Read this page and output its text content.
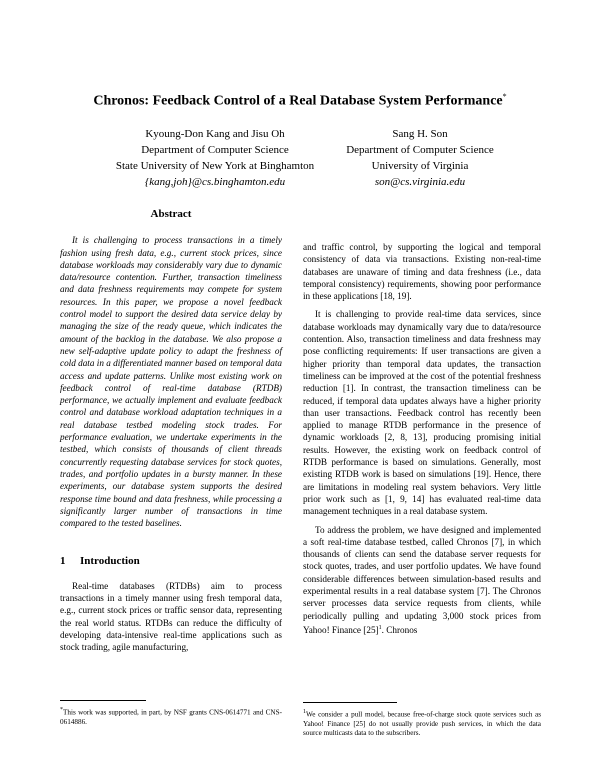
Chronos: Feedback Control of a Real Database System Performance*
Kyoung-Don Kang and Jisu Oh
Department of Computer Science
State University of New York at Binghamton
{kang,joh}@cs.binghamton.edu
Sang H. Son
Department of Computer Science
University of Virginia
son@cs.virginia.edu
Abstract

It is challenging to process transactions in a timely fashion using fresh data, e.g., current stock prices, since database workloads may considerably vary due to dynamic data/resource contention. Further, transaction timeliness and data freshness requirements may compete for system resources. In this paper, we propose a novel feedback control model to support the desired data service delay by managing the size of the ready queue, which indicates the amount of the backlog in the database. We also propose a new self-adaptive update policy to adapt the freshness of cold data in a differentiated manner based on temporal data access and update patterns. Unlike most existing work on feedback control of real-time database (RTDB) performance, we actually implement and evaluate feedback control and database workload adaptation techniques in a real database testbed modeling stock trades. For performance evaluation, we undertake experiments in the testbed, which consists of thousands of client threads concurrently requesting database services for stock quotes, trades, and portfolio updates in a bursty manner. In these experiments, our database system supports the desired response time bound and data freshness, while processing a significantly larger number of transactions in time compared to the tested baselines.

1 Introduction

Real-time databases (RTDBs) aim to process transactions in a timely manner using fresh temporal data, e.g., current stock prices or traffic sensor data, representing the real world status. RTDBs can reduce the difficulty of developing data-intensive real-time applications such as stock trading, agile manufacturing,

and traffic control, by supporting the logical and temporal consistency of data via transactions. Existing non-real-time databases are unaware of timing and data freshness (i.e., data temporal consistency) requirements, showing poor performance in these applications [18, 19].

It is challenging to provide real-time data services, since database workloads may dynamically vary due to data/resource contention. Also, transaction timeliness and data freshness may pose conflicting requirements: If user transactions are given a higher priority than temporal data updates, the transaction timeliness can be improved at the cost of the potential freshness reduction [1]. In contrast, the transaction timeliness can be reduced, if temporal data updates always have a higher priority than user transactions. Feedback control has recently been applied to manage RTDB performance in the presence of dynamic workloads [2, 8, 13], producing promising initial results. However, the existing work on feedback control of RTDB performance is based on simulations. Generally, most existing RTDB work is based on simulations [19]. Hence, there are limitations in modeling real system behaviors. Very little prior work such as [1, 9, 14] has evaluated real-time data management techniques in a real database system.

To address the problem, we have designed and implemented a soft real-time database testbed, called Chronos [7], in which thousands of clients can send the database server requests for stock quotes, trades, and user portfolio updates. We have found considerable differences between simulation-based results and experimental results in a real database system [7]. The Chronos server processes data service requests from clients, while periodically pulling and updating 3,000 stock prices from Yahoo! Finance $[25]^1$. Chronos

*This work was supported, in part, by NSF grants CNS-0614771 and CNS-0614886.
$^1$We consider a pull model, because free-of-charge stock quote services such as Yahoo! Finance [25] do not usually provide push services, in which the data source multicasts data to the subscribers.
